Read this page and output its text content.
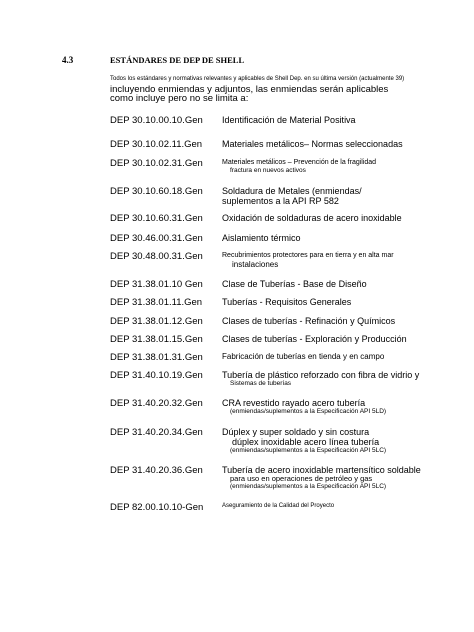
4.3	ESTÁNDARES DE DEP DE SHELL
Todos los estándares y normativas relevantes y aplicables de Shell Dep. en su última versión (actualmente 39)
incluyendo enmiendas y adjuntos, las enmiendas serán aplicables como incluye pero no se limita a:
DEP 30.10.00.10.Gen Identificación de Material Positiva
DEP 30.10.02.11.Gen Materiales metálicos– Normas seleccionadas
DEP 30.10.02.31.Gen	Materiales metálicos – Prevención de la fragilidad
fractura en nuevos activos
DEP 30.10.60.18.Gen Soldadura de Metales (enmiendas/
suplementos a la API RP 582
DEP 30.10.60.31.Gen Oxidación de soldaduras de acero inoxidable
DEP 30.46.00.31.Gen Aislamiento térmico
DEP 30.48.00.31.Gen	Recubrimientos protectores para en tierra y en alta mar
instalaciones
DEP 31.38.01.10 Gen Clase de Tuberías - Base de Diseño
DEP 31.38.01.11.Gen Tuberías - Requisitos Generales
DEP 31.38.01.12.Gen Clases de tuberías - Refinación y Químicos
DEP 31.38.01.15.Gen Clases de tuberías - Exploración y Producción
DEP 31.38.01.31.Gen Fabricación de tuberías en tienda y en campo
DEP 31.40.10.19.Gen Tubería de plástico reforzado con fibra de vidrio y
Sistemas de tuberías
DEP 31.40.20.32.Gen CRA revestido rayado acero tubería
(enmiendas/suplementos a la Especificación API 5LD)
DEP 31.40.20.34.Gen Dúplex y super soldado y sin costura
dúplex inoxidable acero línea tubería
(enmiendas/suplementos a la Especificación API 5LC)
DEP 31.40.20.36.Gen Tubería de acero inoxidable martensítico soldable
para uso en operaciones de petróleo y gas
(enmiendas/suplementos a la Especificación API 5LC)
DEP 82.00.10.10-Gen	Aseguramiento de la Calidad del Proyecto
